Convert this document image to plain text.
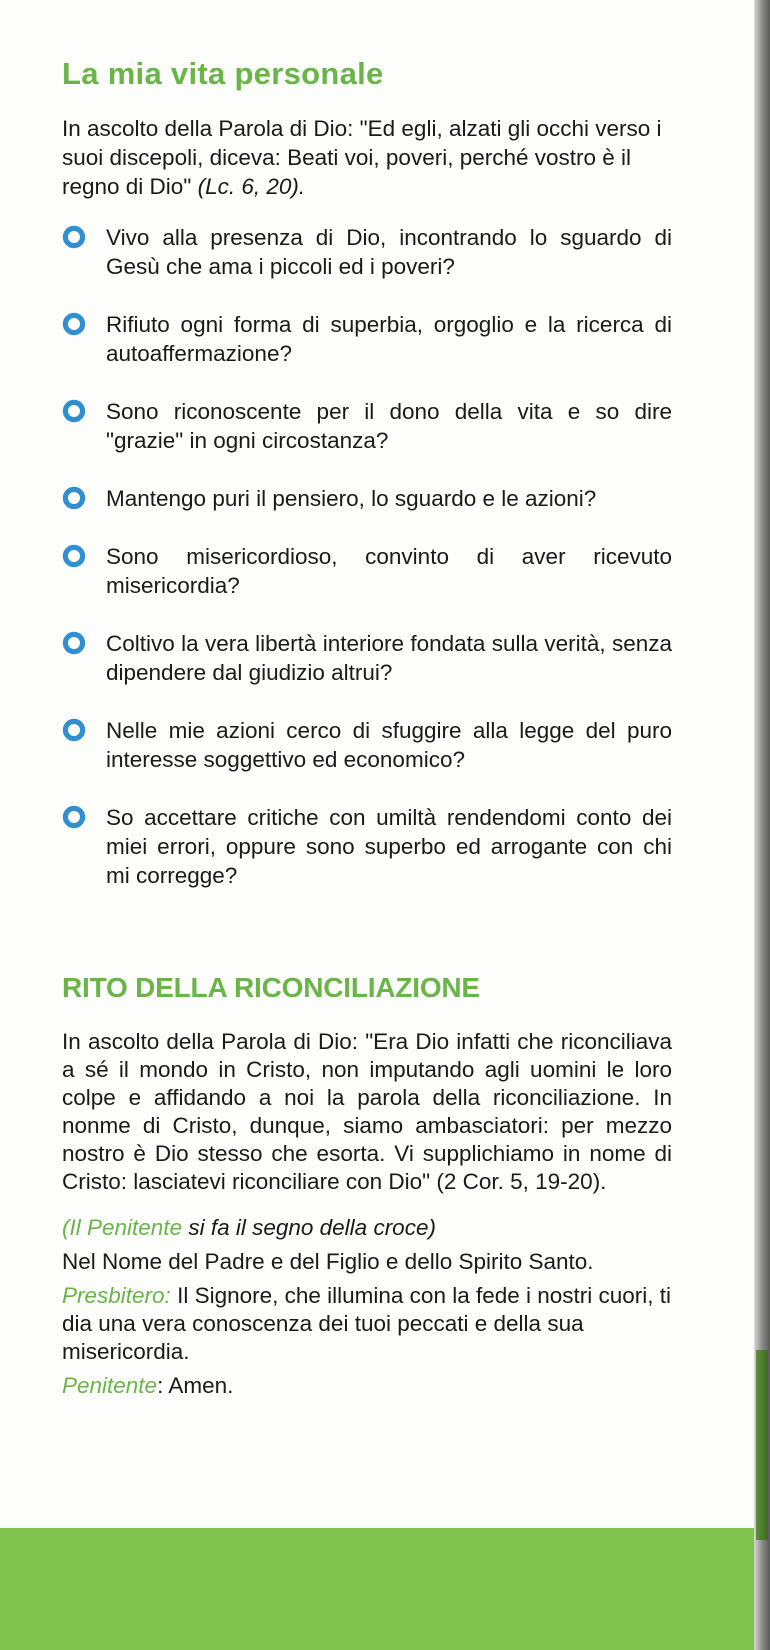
La mia vita personale

In ascolto della Parola di Dio: "Ed egli, alzati gli occhi verso i suoi discepoli, diceva: Beati voi, poveri, perché vostro è il regno di Dio" (Lc. 6, 20).

Vivo alla presenza di Dio, incontrando lo sguardo di Gesù che ama i piccoli ed i poveri?
Rifiuto ogni forma di superbia, orgoglio e la ricerca di autoaffermazione?
Sono riconoscente per il dono della vita e so dire "grazie" in ogni circostanza?
Mantengo puri il pensiero, lo sguardo e le azioni?
Sono misericordioso, convinto di aver ricevuto misericordia?
Coltivo la vera libertà interiore fondata sulla verità, senza dipendere dal giudizio altrui?
Nelle mie azioni cerco di sfuggire alla legge del puro interesse soggettivo ed economico?
So accettare critiche con umiltà rendendomi conto dei miei errori, oppure sono superbo ed arrogante con chi mi corregge?
RITO DELLA RICONCILIAZIONE

In ascolto della Parola di Dio: "Era Dio infatti che riconciliava a sé il mondo in Cristo, non imputando agli uomini le loro colpe e affidando a noi la parola della riconciliazione. In nonme di Cristo, dunque, siamo ambasciatori: per mezzo nostro è Dio stesso che esorta. Vi supplichiamo in nome di Cristo: lasciatevi riconciliare con Dio" (2 Cor. 5, 19-20).

(Il Penitente si fa il segno della croce)

Nel Nome del Padre e del Figlio e dello Spirito Santo.

Presbitero: Il Signore, che illumina con la fede i nostri cuori, ti dia una vera conoscenza dei tuoi peccati e della sua misericordia.

Penitente: Amen.
